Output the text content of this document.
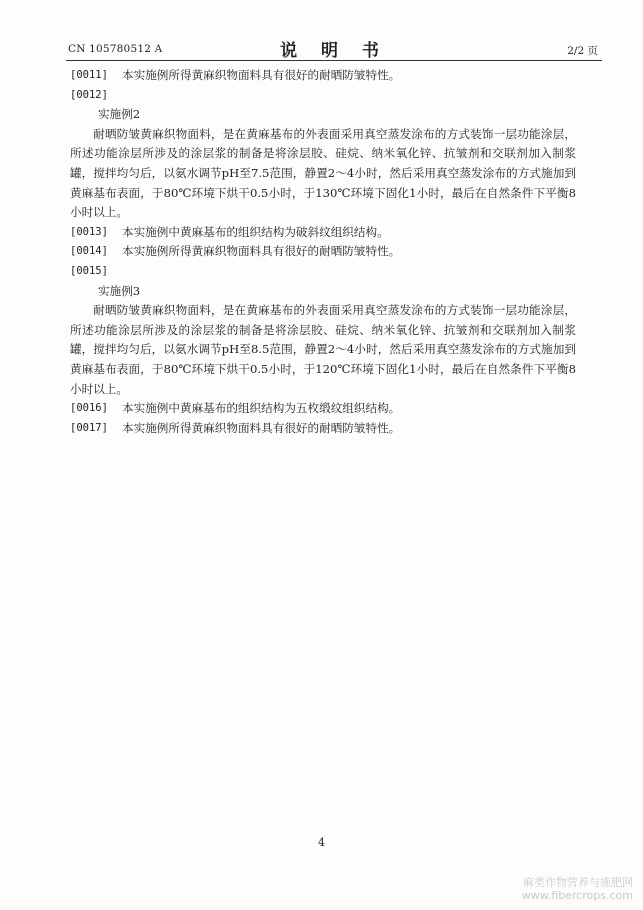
CN 105780512 A	说 明 书	2/2 页
[0011]	本实施例所得黄麻织物面料具有很好的耐晒防皱特性。
[0012]
实施例2
耐晒防皱黄麻织物面料，是在黄麻基布的外表面采用真空蒸发涂布的方式装饰一层功能涂层，所述功能涂层所涉及的涂层浆的制备是将涂层胶、硅烷、纳米氧化锌、抗皱剂和交联剂加入制浆罐，搅拌均匀后，以氨水调节pH至7.5范围，静置2～4小时，然后采用真空蒸发涂布的方式施加到黄麻基布表面，于80℃环境下烘干0.5小时，于130℃环境下固化1小时，最后在自然条件下平衡8小时以上。
[0013]	本实施例中黄麻基布的组织结构为破斜纹组织结构。
[0014]	本实施例所得黄麻织物面料具有很好的耐晒防皱特性。
[0015]
实施例3
耐晒防皱黄麻织物面料，是在黄麻基布的外表面采用真空蒸发涂布的方式装饰一层功能涂层，所述功能涂层所涉及的涂层浆的制备是将涂层胶、硅烷、纳米氧化锌、抗皱剂和交联剂加入制浆罐，搅拌均匀后，以氨水调节pH至8.5范围，静置2～4小时，然后采用真空蒸发涂布的方式施加到黄麻基布表面，于80℃环境下烘干0.5小时，于120℃环境下固化1小时，最后在自然条件下平衡8小时以上。
[0016]	本实施例中黄麻基布的组织结构为五枚缎纹组织结构。
[0017]	本实施例所得黄麻织物面料具有很好的耐晒防皱特性。
4
麻类作物营养与施肥网
www.fibercrops.com
